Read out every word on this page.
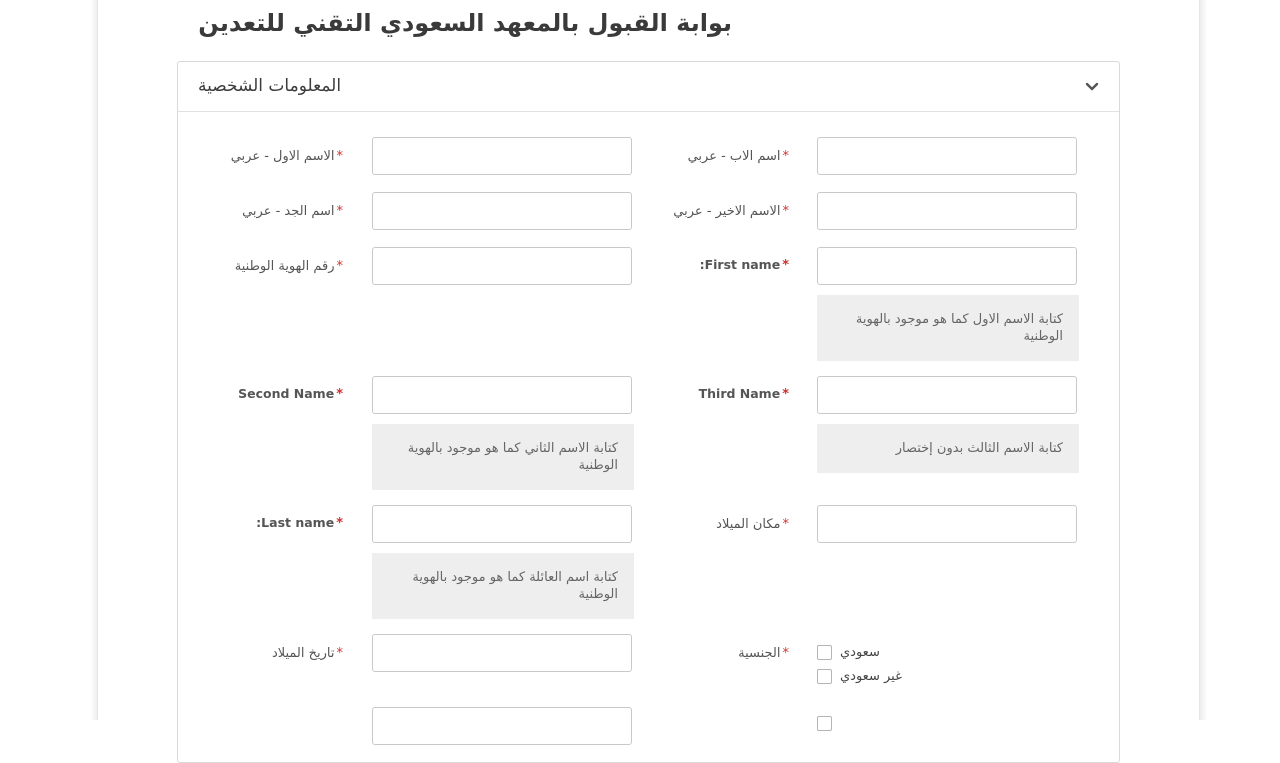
بوابة القبول بالمعهد السعودي التقني للتعدين
المعلومات الشخصية
*اسم الاب - عربي
*الاسم الاول - عربي
*الاسم الاخير - عربي
*اسم الجد - عربي
*First name:
كتابة الاسم الاول كما هو موجود بالهوية الوطنية
*رقم الهوية الوطنية
*Third Name
كتابة الاسم الثالث بدون إختصار
*Second Name
كتابة الاسم الثاني كما هو موجود بالهوية الوطنية
*مكان الميلاد
*Last name:
كتابة اسم العائلة كما هو موجود بالهوية الوطنية
*الجنسية	سعودي
غير سعودي
*تاريخ الميلاد
